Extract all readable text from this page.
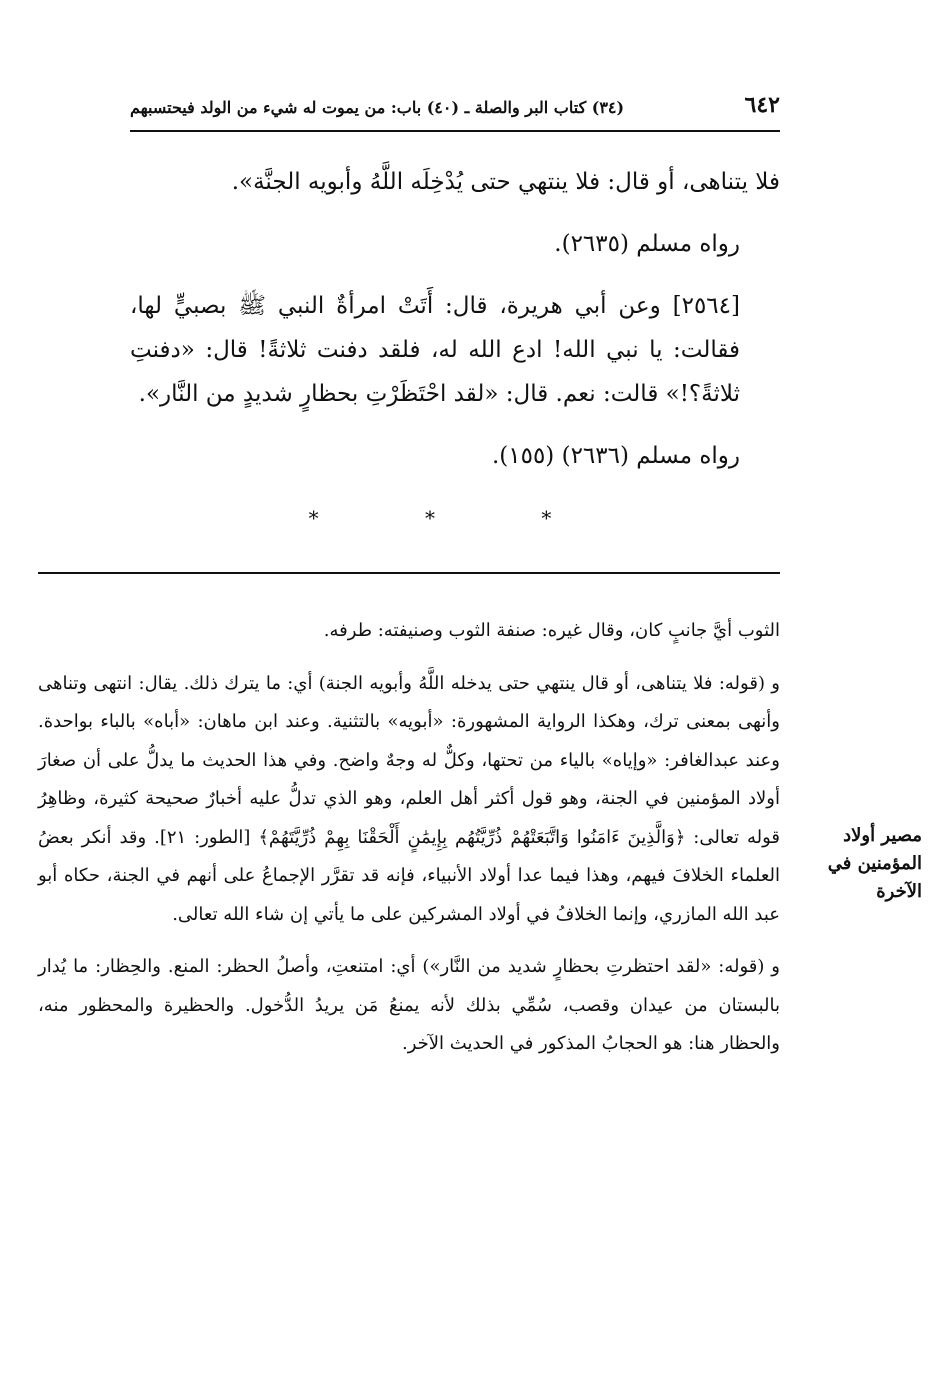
٦٤٢
(٣٤) كتاب البر والصلة ـ (٤٠) باب: من يموت له شيء من الولد فيحتسبهم

فلا يتناهى، أو قال: فلا ينتهي حتى يُدْخِلَه اللَّهُ وأبويه الجنَّة».

رواه مسلم (٢٦٣٥).

[٢٥٦٤] وعن أبي هريرة، قال: أَتَتْ امرأةٌ النبي ﷺ بصبيٍّ لها، فقالت: يا نبي الله! ادع الله له، فلقد دفنت ثلاثةً! قال: «دفنتِ ثلاثةً؟!» قالت: نعم. قال: «لقد احْتَظَرْتِ بحظارٍ شديدٍ من النَّار».

رواه مسلم (٢٦٣٦) (١٥٥).

* * *

الثوب أيَّ جانبٍ كان، وقال غيره: صنفة الثوب وصنيفته: طرفه.

و (قوله: فلا يتناهى، أو قال ينتهي حتى يدخله اللَّهُ وأبويه الجنة) أي: ما يترك ذلك. يقال: انتهى وتناهى وأنهى بمعنى ترك، وهكذا الرواية المشهورة: «أبويه» بالتثنية. وعند ابن ماهان: «أباه» بالباء بواحدة. وعند عبدالغافر: «وإياه» بالياء من تحتها، وكلٌّ له وجهٌ واضح. وفي هذا الحديث ما يدلُّ على أن صغارَ أولاد المؤمنين في الجنة، وهو قول أكثر أهل العلم، وهو الذي تدلُّ عليه أخبارٌ صحيحة كثيرة، وظاهِرُ قوله تعالى: ﴿وَالَّذِينَ ءَامَنُوا وَاتَّبَعَتْهُمْ ذُرِّيَّتُهُم بِإِيمَٰنٍ أَلْحَقْنَا بِهِمْ ذُرِّيَّتَهُمْ﴾ [الطور: ٢١]. وقد أنكر بعضُ العلماء الخلافَ فيهم، وهذا فيما عدا أولاد الأنبياء، فإنه قد تقرَّر الإجماعُ على أنهم في الجنة، حكاه أبو عبد الله المازري، وإنما الخلافُ في أولاد المشركين على ما يأتي إن شاء الله تعالى.

و (قوله: «لقد احتظرتِ بحظارٍ شديد من النَّار») أي: امتنعتِ، وأصلُ الحظر: المنع. والحِظار: ما يُدار بالبستان من عيدان وقصب، سُمِّي بذلك لأنه يمنعُ مَن يريدُ الدُّخول. والحظيرة والمحظور منه، والحظار هنا: هو الحجابُ المذكور في الحديث الآخر.

مصير أولاد المؤمنين في الآخرة
